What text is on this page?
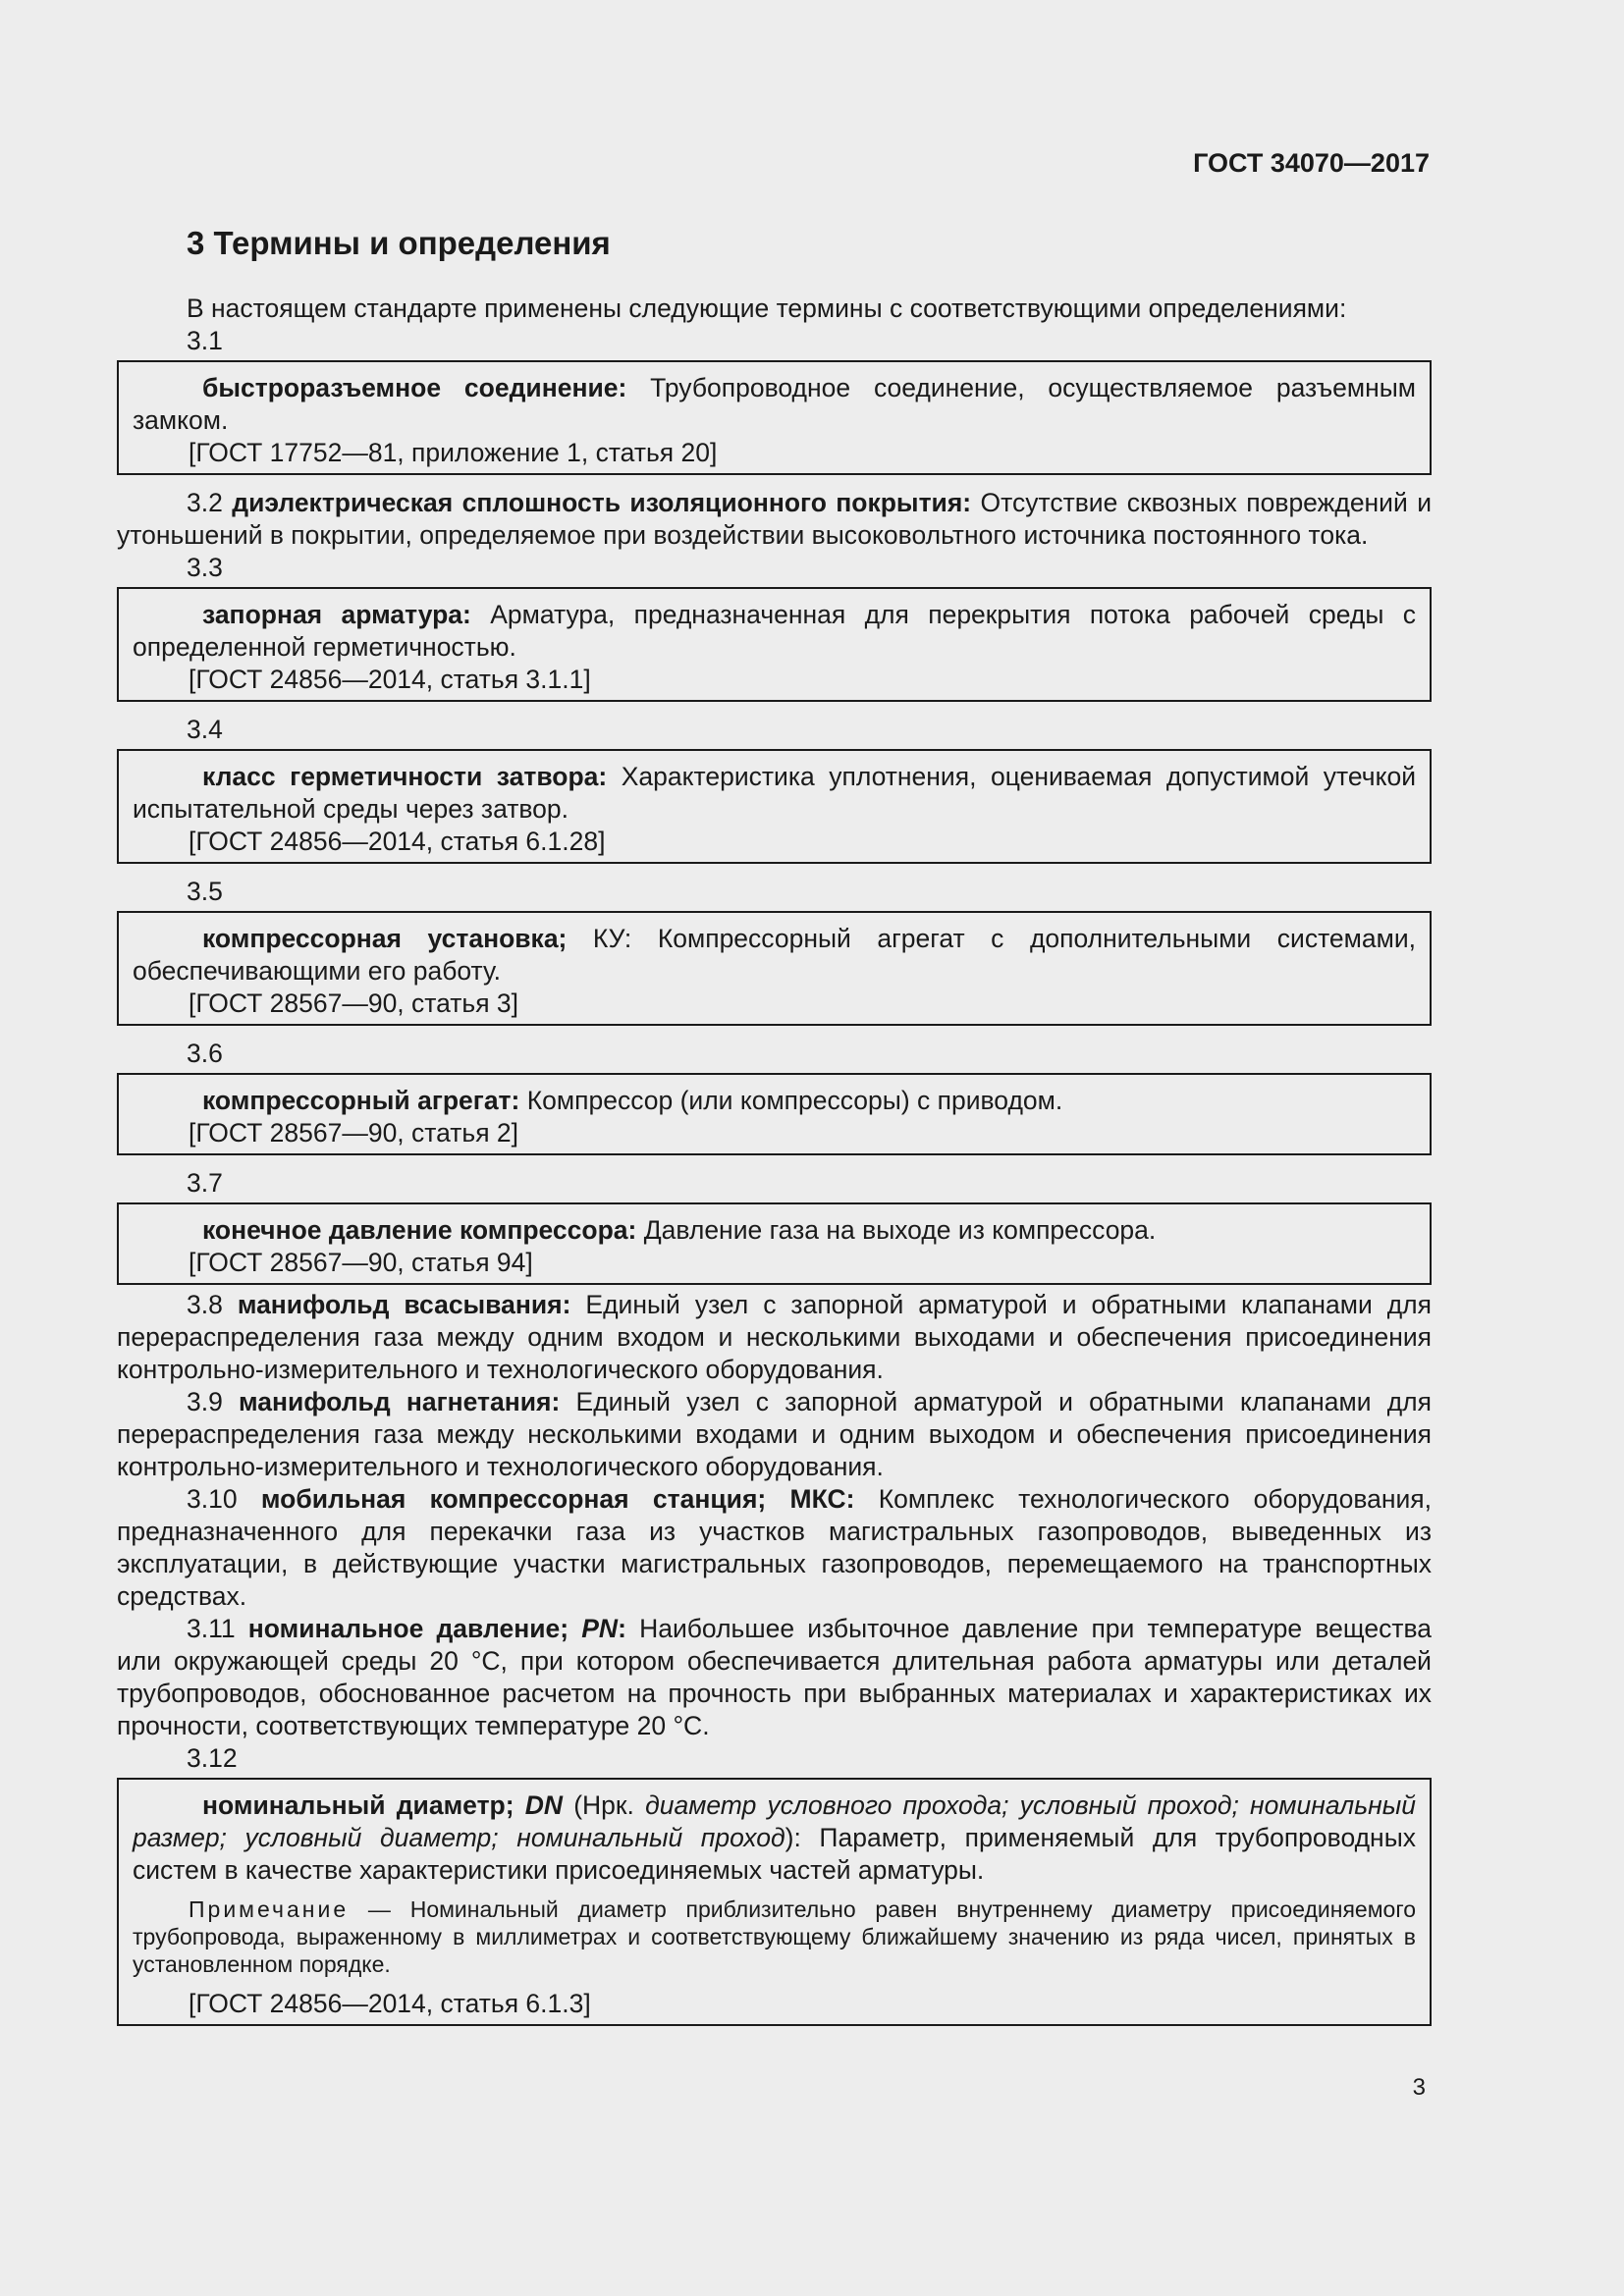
ГОСТ 34070—2017
3 Термины и определения

В настоящем стандарте применены следующие термины с соответствующими определениями:

3.1

быстроразъемное соединение: Трубопроводное соединение, осуществляемое разъемным замком.

[ГОСТ 17752—81, приложение 1, статья 20]

3.2 диэлектрическая сплошность изоляционного покрытия: Отсутствие сквозных повреждений и утоньшений в покрытии, определяемое при воздействии высоковольтного источника постоянного тока.

3.3

запорная арматура: Арматура, предназначенная для перекрытия потока рабочей среды с определенной герметичностью.

[ГОСТ 24856—2014, статья 3.1.1]
3.4

класс герметичности затвора: Характеристика уплотнения, оцениваемая допустимой утечкой испытательной среды через затвор.

[ГОСТ 24856—2014, статья 6.1.28]
3.5

компрессорная установка; КУ: Компрессорный агрегат с дополнительными системами, обеспечивающими его работу.

[ГОСТ 28567—90, статья 3]
3.6

компрессорный агрегат: Компрессор (или компрессоры) с приводом.

[ГОСТ 28567—90, статья 2]
3.7

конечное давление компрессора: Давление газа на выходе из компрессора.

[ГОСТ 28567—90, статья 94]

3.8 манифольд всасывания: Единый узел с запорной арматурой и обратными клапанами для перераспределения газа между одним входом и несколькими выходами и обеспечения присоединения контрольно-измерительного и технологического оборудования.

3.9 манифольд нагнетания: Единый узел с запорной арматурой и обратными клапанами для перераспределения газа между несколькими входами и одним выходом и обеспечения присоединения контрольно-измерительного и технологического оборудования.

3.10 мобильная компрессорная станция; МКС: Комплекс технологического оборудования, предназначенного для перекачки газа из участков магистральных газопроводов, выведенных из эксплуатации, в действующие участки магистральных газопроводов, перемещаемого на транспортных средствах.

3.11 номинальное давление; PN: Наибольшее избыточное давление при температуре вещества или окружающей среды 20 °С, при котором обеспечивается длительная работа арматуры или деталей трубопроводов, обоснованное расчетом на прочность при выбранных материалах и характеристиках их прочности, соответствующих температуре 20 °С.

3.12

номинальный диаметр; DN (Нрк. диаметр условного прохода; условный проход; номинальный размер; условный диаметр; номинальный проход): Параметр, применяемый для трубопроводных систем в качестве характеристики присоединяемых частей арматуры.

Примечание — Номинальный диаметр приблизительно равен внутреннему диаметру присоединяемого трубопровода, выраженному в миллиметрах и соответствующему ближайшему значению из ряда чисел, принятых в установленном порядке.
[ГОСТ 24856—2014, статья 6.1.3]
3
